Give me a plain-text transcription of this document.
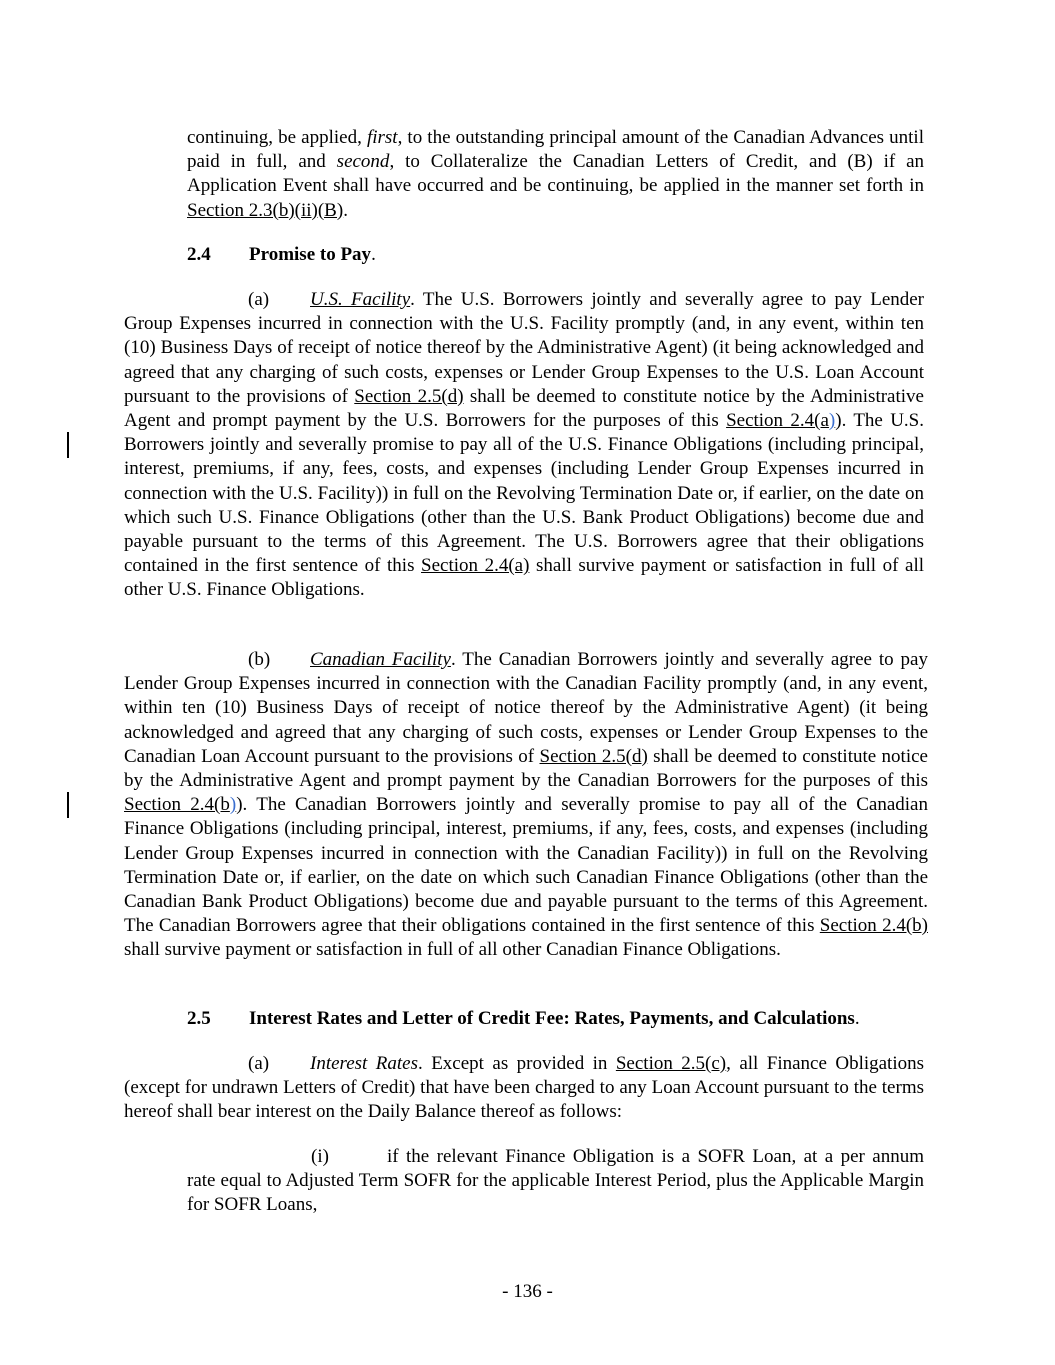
continuing, be applied, first, to the outstanding principal amount of the Canadian Advances until paid in full, and second, to Collateralize the Canadian Letters of Credit, and (B) if an Application Event shall have occurred and be continuing, be applied in the manner set forth in Section 2.3(b)(ii)(B).

2.4 Promise to Pay.

(a) U.S. Facility. The U.S. Borrowers jointly and severally agree to pay Lender Group Expenses incurred in connection with the U.S. Facility promptly (and, in any event, within ten (10) Business Days of receipt of notice thereof by the Administrative Agent) (it being acknowledged and agreed that any charging of such costs, expenses or Lender Group Expenses to the U.S. Loan Account pursuant to the provisions of Section 2.5(d) shall be deemed to constitute notice by the Administrative Agent and prompt payment by the U.S. Borrowers for the purposes of this Section 2.4(a)). The U.S. Borrowers jointly and severally promise to pay all of the U.S. Finance Obligations (including principal, interest, premiums, if any, fees, costs, and expenses (including Lender Group Expenses incurred in connection with the U.S. Facility)) in full on the Revolving Termination Date or, if earlier, on the date on which such U.S. Finance Obligations (other than the U.S. Bank Product Obligations) become due and payable pursuant to the terms of this Agreement. The U.S. Borrowers agree that their obligations contained in the first sentence of this Section 2.4(a) shall survive payment or satisfaction in full of all other U.S. Finance Obligations.

(b) Canadian Facility. The Canadian Borrowers jointly and severally agree to pay Lender Group Expenses incurred in connection with the Canadian Facility promptly (and, in any event, within ten (10) Business Days of receipt of notice thereof by the Administrative Agent) (it being acknowledged and agreed that any charging of such costs, expenses or Lender Group Expenses to the Canadian Loan Account pursuant to the provisions of Section 2.5(d) shall be deemed to constitute notice by the Administrative Agent and prompt payment by the Canadian Borrowers for the purposes of this Section 2.4(b)). The Canadian Borrowers jointly and severally promise to pay all of the Canadian Finance Obligations (including principal, interest, premiums, if any, fees, costs, and expenses (including Lender Group Expenses incurred in connection with the Canadian Facility)) in full on the Revolving Termination Date or, if earlier, on the date on which such Canadian Finance Obligations (other than the Canadian Bank Product Obligations) become due and payable pursuant to the terms of this Agreement. The Canadian Borrowers agree that their obligations contained in the first sentence of this Section 2.4(b) shall survive payment or satisfaction in full of all other Canadian Finance Obligations.

2.5 Interest Rates and Letter of Credit Fee: Rates, Payments, and Calculations.

(a) Interest Rates. Except as provided in Section 2.5(c), all Finance Obligations (except for undrawn Letters of Credit) that have been charged to any Loan Account pursuant to the terms hereof shall bear interest on the Daily Balance thereof as follows:

(i)	if the relevant Finance Obligation is a SOFR Loan, at a per annum rate equal to Adjusted Term SOFR for the applicable Interest Period, plus the Applicable Margin for SOFR Loans,

- 136 -
